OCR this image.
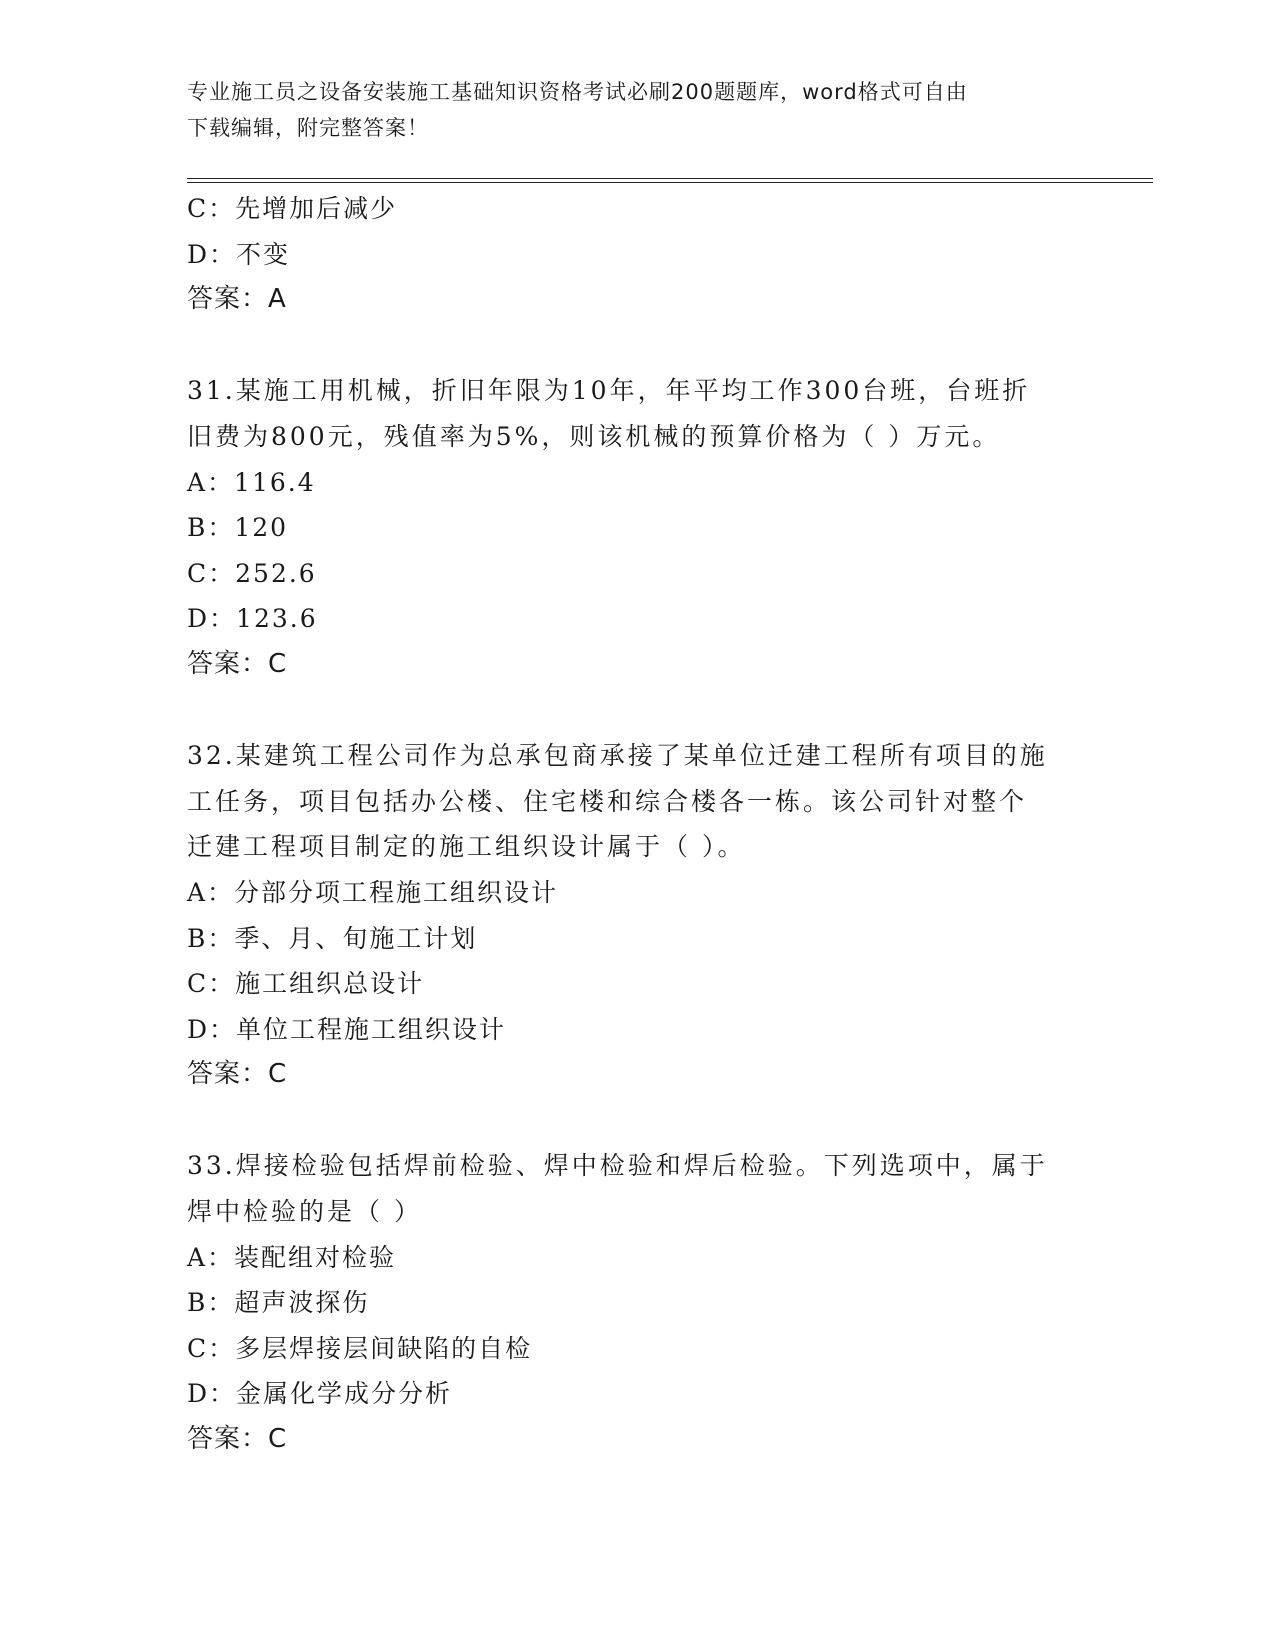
专业施工员之设备安装施工基础知识资格考试必刷200题题库，word格式可自由
下载编辑，附完整答案！
C：先增加后减少
D：不变
答案：A
31.某施工用机械，折旧年限为10年，年平均工作300台班，台班折
旧费为800元，残值率为5%，则该机械的预算价格为（ ）万元。
A：116.4
B：120
C：252.6
D：123.6
答案：C
32.某建筑工程公司作为总承包商承接了某单位迁建工程所有项目的施
工任务，项目包括办公楼、住宅楼和综合楼各一栋。该公司针对整个
迁建工程项目制定的施工组织设计属于（ ）。
A：分部分项工程施工组织设计
B：季、月、旬施工计划
C：施工组织总设计
D：单位工程施工组织设计
答案：C
33.焊接检验包括焊前检验、焊中检验和焊后检验。下列选项中，属于
焊中检验的是（ ）
A：装配组对检验
B：超声波探伤
C：多层焊接层间缺陷的自检
D：金属化学成分分析
答案：C
